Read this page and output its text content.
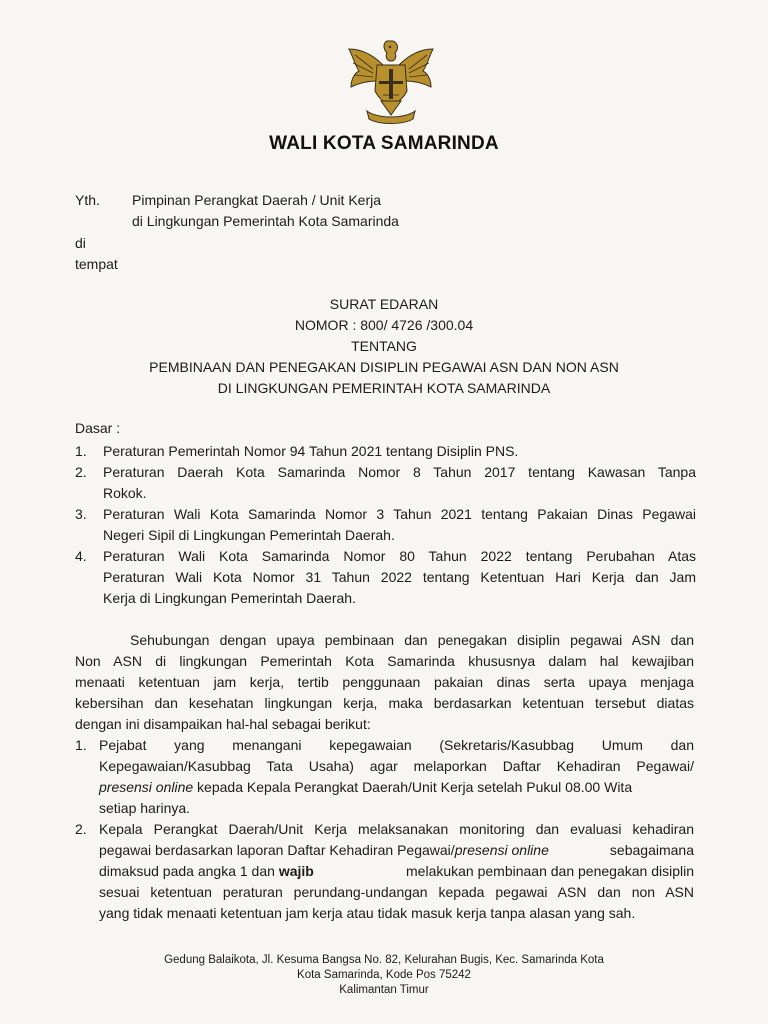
WALI KOTA SAMARINDA
Yth. Pimpinan Perangkat Daerah / Unit Kerja
di Lingkungan Pemerintah Kota Samarinda
di
tempat
SURAT EDARAN
NOMOR : 800/ 4726 /300.04
TENTANG
PEMBINAAN DAN PENEGAKAN DISIPLIN PEGAWAI ASN DAN NON ASN
DI LINGKUNGAN PEMERINTAH KOTA SAMARINDA
Dasar :
1. Peraturan Pemerintah Nomor 94 Tahun 2021 tentang Disiplin PNS.
2. Peraturan Daerah Kota Samarinda Nomor 8 Tahun 2017 tentang Kawasan Tanpa
Rokok.
3. Peraturan Wali Kota Samarinda Nomor 3 Tahun 2021 tentang Pakaian Dinas Pegawai
Negeri Sipil di Lingkungan Pemerintah Daerah.
4. Peraturan Wali Kota Samarinda Nomor 80 Tahun 2022 tentang Perubahan Atas
Peraturan Wali Kota Nomor 31 Tahun 2022 tentang Ketentuan Hari Kerja dan Jam
Kerja di Lingkungan Pemerintah Daerah.
Sehubungan dengan upaya pembinaan dan penegakan disiplin pegawai ASN dan
Non ASN di lingkungan Pemerintah Kota Samarinda khususnya dalam hal kewajiban
menaati ketentuan jam kerja, tertib penggunaan pakaian dinas serta upaya menjaga
kebersihan dan kesehatan lingkungan kerja, maka berdasarkan ketentuan tersebut diatas
dengan ini disampaikan hal-hal sebagai berikut:
1. Pejabat yang menangani kepegawaian (Sekretaris/Kasubbag Umum dan
Kepegawaian/Kasubbag Tata Usaha) agar melaporkan Daftar Kehadiran Pegawai/
presensi online kepada Kepala Perangkat Daerah/Unit Kerja setelah Pukul 08.00 Wita
setiap harinya.
2. Kepala Perangkat Daerah/Unit Kerja melaksanakan monitoring dan evaluasi kehadiran
pegawai berdasarkan laporan Daftar Kehadiran Pegawai/ presensi online	sebagaimana
dimaksud pada angka 1 dan wajib	melakukan pembinaan dan penegakan disiplin
sesuai ketentuan peraturan perundang-undangan kepada pegawai ASN dan non ASN
yang tidak menaati ketentuan jam kerja atau tidak masuk kerja tanpa alasan yang sah.
Gedung Balaikota, Jl. Kesuma Bangsa No. 82, Kelurahan Bugis, Kec. Samarinda Kota
Kota Samarinda, Kode Pos 75242
Kalimantan Timur
